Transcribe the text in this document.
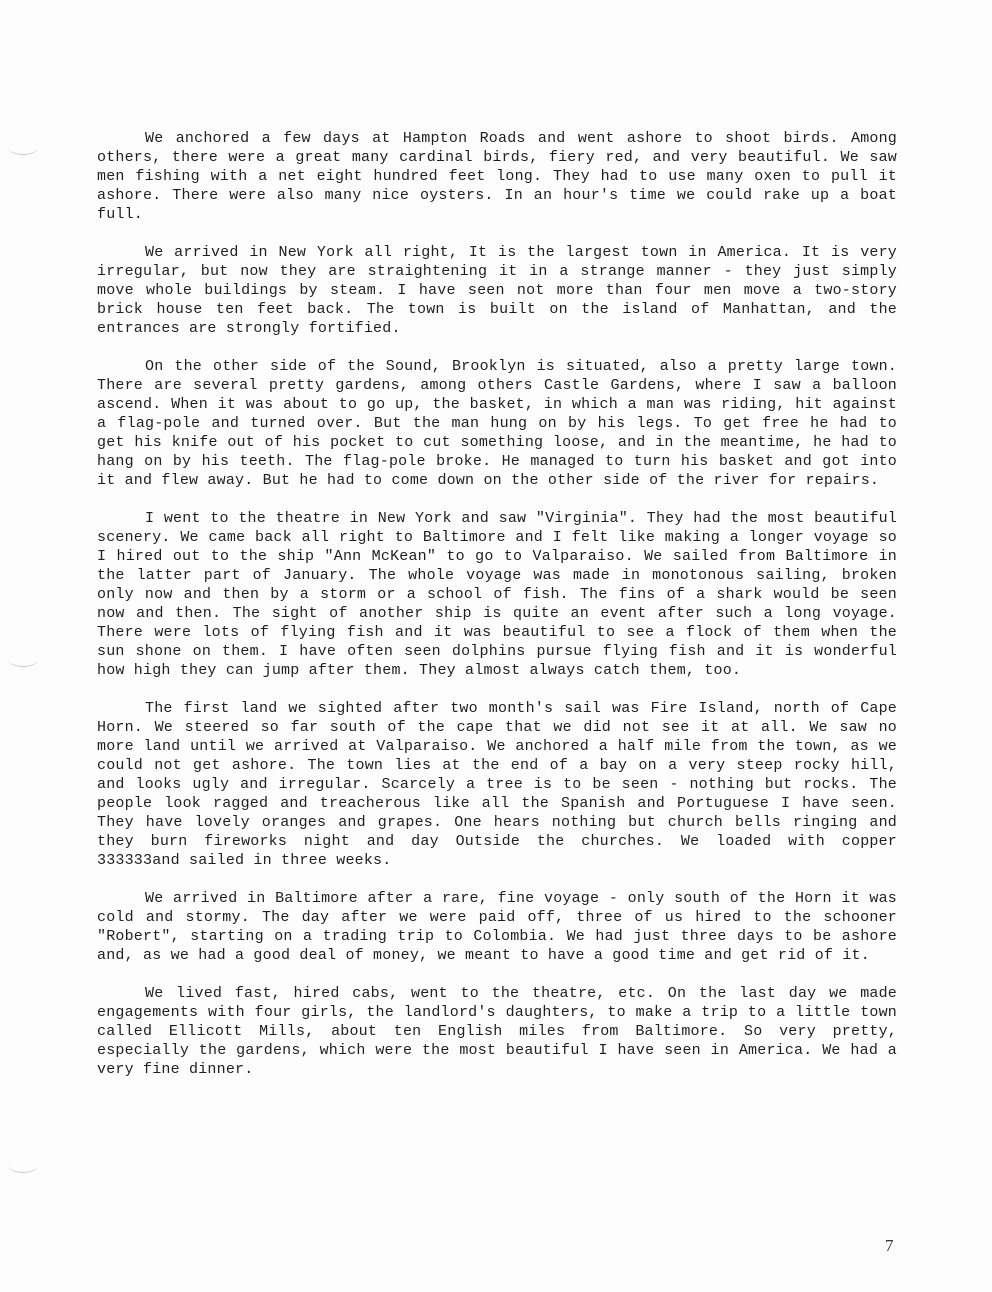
We anchored a few days at Hampton Roads and went ashore to shoot birds. Among others, there were a great many cardinal birds, fiery red, and very beautiful. We saw men fishing with a net eight hundred feet long. They had to use many oxen to pull it ashore. There were also many nice oysters. In an hour's time we could rake up a boat full.

We arrived in New York all right, It is the largest town in America. It is very irregular, but now they are straightening it in a strange manner - they just simply move whole buildings by steam. I have seen not more than four men move a two-story brick house ten feet back. The town is built on the island of Manhattan, and the entrances are strongly fortified.

On the other side of the Sound, Brooklyn is situated, also a pretty large town. There are several pretty gardens, among others Castle Gardens, where I saw a balloon ascend. When it was about to go up, the basket, in which a man was riding, hit against a flag-pole and turned over. But the man hung on by his legs. To get free he had to get his knife out of his pocket to cut something loose, and in the meantime, he had to hang on by his teeth. The flag-pole broke. He managed to turn his basket and got into it and flew away. But he had to come down on the other side of the river for repairs.

I went to the theatre in New York and saw "Virginia". They had the most beautiful scenery. We came back all right to Baltimore and I felt like making a longer voyage so I hired out to the ship "Ann McKean" to go to Valparaiso. We sailed from Baltimore in the latter part of January. The whole voyage was made in monotonous sailing, broken only now and then by a storm or a school of fish. The fins of a shark would be seen now and then. The sight of another ship is quite an event after such a long voyage. There were lots of flying fish and it was beautiful to see a flock of them when the sun shone on them. I have often seen dolphins pursue flying fish and it is wonderful how high they can jump after them. They almost always catch them, too.

The first land we sighted after two month's sail was Fire Island, north of Cape Horn. We steered so far south of the cape that we did not see it at all. We saw no more land until we arrived at Valparaiso. We anchored a half mile from the town, as we could not get ashore. The town lies at the end of a bay on a very steep rocky hill, and looks ugly and irregular. Scarcely a tree is to be seen - nothing but rocks. The people look ragged and treacherous like all the Spanish and Portuguese I have seen. They have lovely oranges and grapes. One hears nothing but church bells ringing and they burn fireworks night and day Outside the churches. We loaded with copper 333333and sailed in three weeks.

We arrived in Baltimore after a rare, fine voyage - only south of the Horn it was cold and stormy. The day after we were paid off, three of us hired to the schooner "Robert", starting on a trading trip to Colombia. We had just three days to be ashore and, as we had a good deal of money, we meant to have a good time and get rid of it.

We lived fast, hired cabs, went to the theatre, etc. On the last day we made engagements with four girls, the landlord's daughters, to make a trip to a little town called Ellicott Mills, about ten English miles from Baltimore. So very pretty, especially the gardens, which were the most beautiful I have seen in America. We had a very fine dinner.

7
